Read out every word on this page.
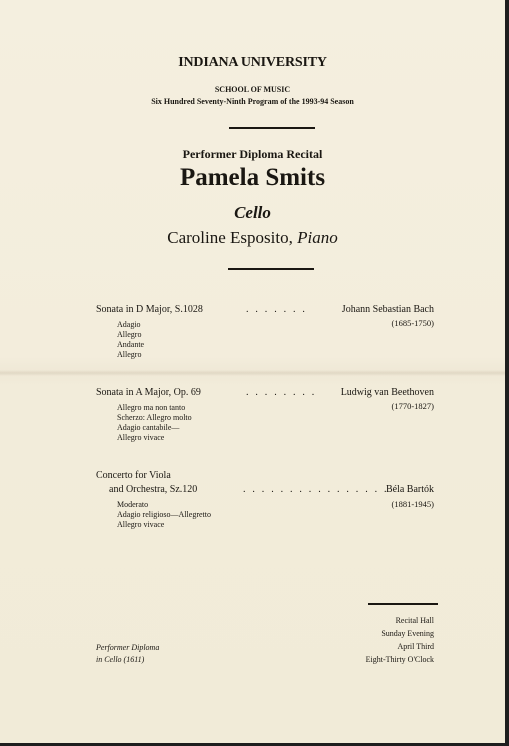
INDIANA UNIVERSITY
SCHOOL OF MUSIC
Six Hundred Seventy-Ninth Program of the 1993-94 Season
Performer Diploma Recital
Pamela Smits
Cello
Caroline Esposito, Piano
Sonata in D Major, S.1028	. . . . . . .	Johann Sebastian Bach
(1685-1750)
Adagio
Allegro
Andante
Allegro
Sonata in A Major, Op. 69	. . . . . . . . Ludwig van Beethoven
(1770-1827)
Allegro ma non tanto
Scherzo: Allegro molto
Adagio cantabile—
Allegro vivace
Concerto for Viola
and Orchestra, Sz.120	. . . . . . . . . . . . . . . .
Béla Bartók
(1881-1945)
Moderato
Adagio religioso—Allegretto
Allegro vivace
Performer Diploma
in Cello (1611)
Recital Hall
Sunday Evening
April Third
Eight-Thirty O'Clock
